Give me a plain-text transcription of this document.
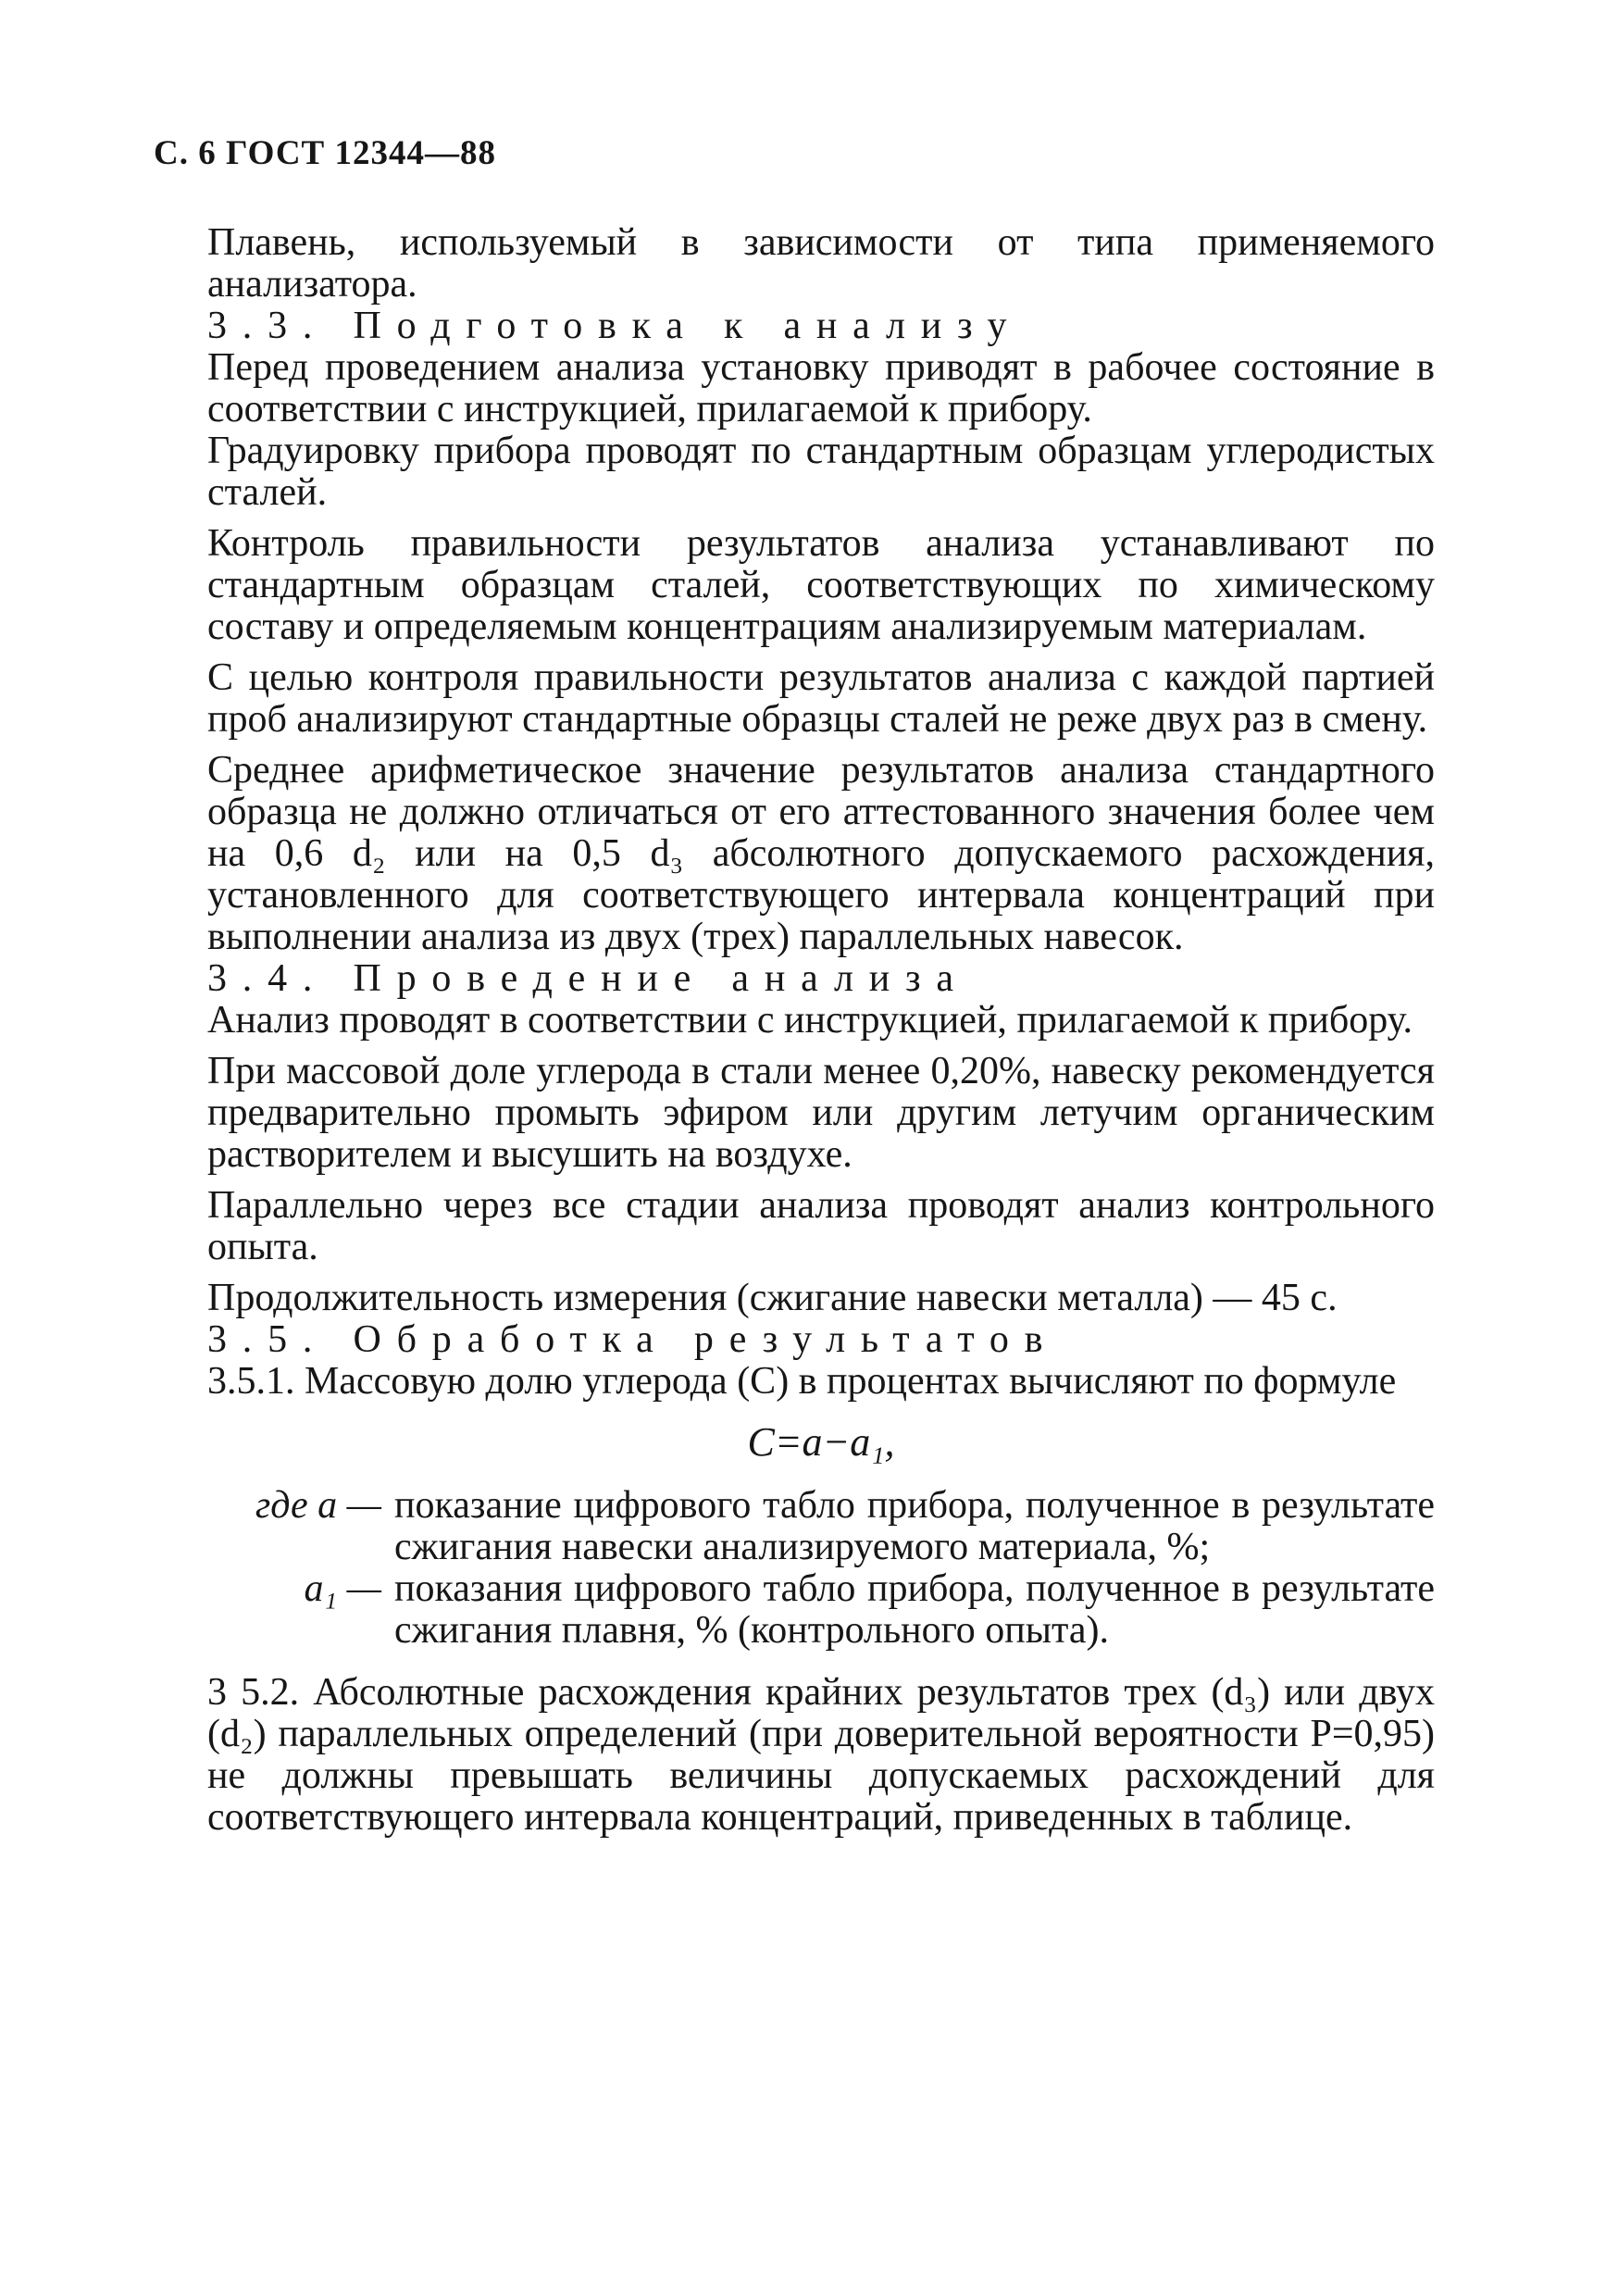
С. 6 ГОСТ 12344—88

Плавень, используемый в зависимости от типа применяемого анализатора.

3.3. Подготовка к анализу

Перед проведением анализа установку приводят в рабочее состояние в соответствии с инструкцией, прилагаемой к прибору.

Градуировку прибора проводят по стандартным образцам углеродистых сталей.

Контроль правильности результатов анализа устанавливают по стандартным образцам сталей, соответствующих по химическому составу и определяемым концентрациям анализируемым материалам.

С целью контроля правильности результатов анализа с каждой партией проб анализируют стандартные образцы сталей не реже двух раз в смену.

Среднее арифметическое значение результатов анализа стандартного образца не должно отличаться от его аттестованного значения более чем на 0,6 d₂ или на 0,5 d₃ абсолютного допускаемого расхождения, установленного для соответствующего интервала концентраций при выполнении анализа из двух (трех) параллельных навесок.

3.4. Проведение анализа

Анализ проводят в соответствии с инструкцией, прилагаемой к прибору.

При массовой доле углерода в стали менее 0,20%, навеску рекомендуется предварительно промыть эфиром или другим летучим органическим растворителем и высушить на воздухе.

Параллельно через все стадии анализа проводят анализ контрольного опыта.

Продолжительность измерения (сжигание навески металла) — 45 с.

3.5. Обработка результатов

3.5.1. Массовую долю углерода (C) в процентах вычисляют по формуле

C=a−a₁,
где a — показание цифрового табло прибора, полученное в результате сжигания навески анализируемого материала, %;
a₁ — показания цифрового табло прибора, полученное в результате сжигания плавня, % (контрольного опыта).

3 5.2. Абсолютные расхождения крайних результатов трех (d₃) или двух (d₂) параллельных определений (при доверительной вероятности P=0,95) не должны превышать величины допускаемых расхождений для соответствующего интервала концентраций, приведенных в таблице.
